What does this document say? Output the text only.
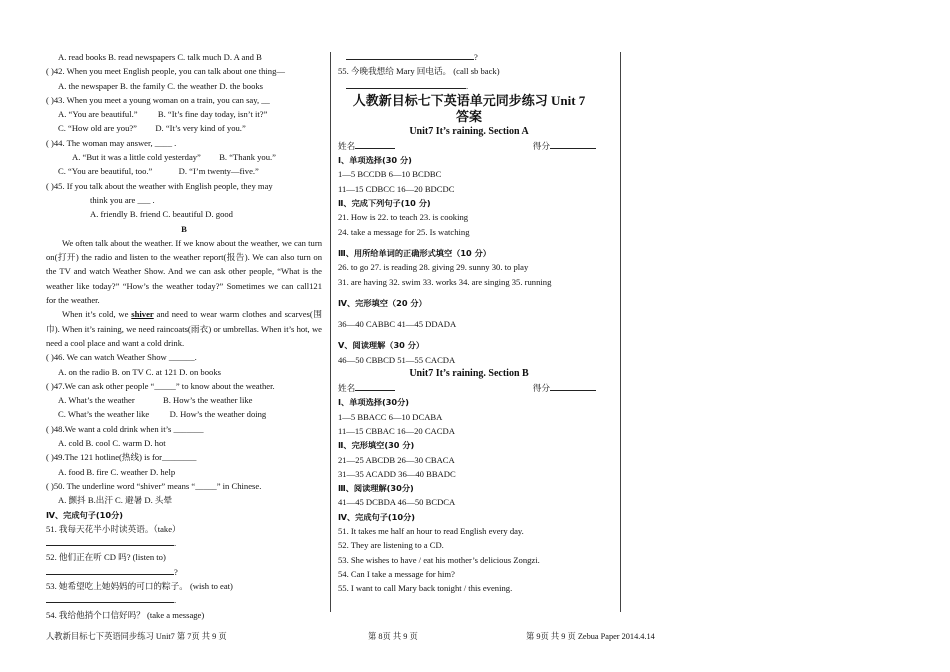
A. read books B. read newspapers C. talk much D. A and B
( )42. When you meet English people, you can talk about one thing—
A. the newspaper B. the family C. the weather D. the books
( )43. When you meet a young woman on a train, you can say, __
A. “You are beautiful.” B. “It’s fine day today, isn’t it?”
C. “How old are you?” D. “It’s very kind of you.”
( )44. The woman may answer, ____ .
A. “But it was a little cold yesterday” B. “Thank you.”
C. “You are beautiful, too.”	D. “I’m twenty—five.”
( )45. If you talk about the weather with English people, they may
think you are ___ .
A. friendly B. friend C. beautiful D. good
B
We often talk about the weather. If we know about the weather, we can turn on(打开) the radio and listen to the weather report(报告). We can also turn on the TV and watch Weather Show. And we can ask other people, “What is the weather like today?” “How’s the weather today?” Sometimes we can call121 for the weather.
When it’s cold, we shiver and need to wear warm clothes and scarves(围巾). When it’s raining, we need raincoats(雨衣) or umbrellas. When it’s hot, we need a cool place and want a cold drink.
( )46. We can watch Weather Show ______.
A. on the radio B. on TV C. at 121 D. on books
( )47.We can ask other people “_____” to know about the weather.
A. What’s the weather	B. How’s the weather like
C. What’s the weather like D. How’s the weather doing
( )48.We want a cold drink when it’s _______
A. cold B. cool C. warm D. hot
( )49.The 121 hotline(热线) is for________
A. food B. fire C. weather D. help
( )50. The underline word “shiver” means “_____” in Chinese.
A. 颤抖 B.出汗 C. 避暑 D. 头晕
Ⅳ、完成句子(10分)
51. 我每天花半小时读英语。（take）
.
52. 他们正在听 CD 吗? (listen to)
?
53. 她希望吃上她妈妈的可口的粽子。 (wish to eat)
.
54. 我给他捎个口信好吗？ (take a message)
?
55. 今晚我想给 Mary 回电话。 (call sb back)
.
人教新目标七下英语单元同步练习 Unit 7
答案
Unit7 It’s raining. Section A
姓名	得分
Ⅰ、单项选择(30 分)
1—5 BCCDB 6—10 BCDBC
11—15 CDBCC 16—20 BDCDC
Ⅱ、完成下列句子(10 分)
21. How is 22. to teach 23. is cooking
24. take a message for 25. Is watching
Ⅲ、用所给单词的正确形式填空（10 分）
26. to go 27. is reading 28. giving 29. sunny 30. to play
31. are having 32. swim 33. works 34. are singing 35. running
Ⅳ、完形填空（20 分）
36—40 CABBC 41—45 DDADA
Ⅴ、阅读理解（30 分）
46—50 CBBCD 51—55 CACDA
Unit7 It’s raining. Section B
姓名	得分
Ⅰ、单项选择(30分)
1—5 BBACC 6—10 DCABA
11—15 CBBAC 16—20 CACDA
Ⅱ、完形填空(30 分)
21—25 ABCDB 26—30 CBACA
31—35 ACADD 36—40 BBADC
Ⅲ、阅读理解(30分)
41—45 DCBDA 46—50 BCDCA
Ⅳ、完成句子(10分)
51. It takes me half an hour to read English every day.
52. They are listening to a CD.
53. She wishes to have / eat his mother’s delicious Zongzi.
54. Can I take a message for him?
55. I want to call Mary back tonight / this evening.
人教新目标七下英语同步练习 Unit7 第 7页 共 9 页	第 8页 共 9 页	第 9页 共 9 页 Zebua Paper 2014.4.14
